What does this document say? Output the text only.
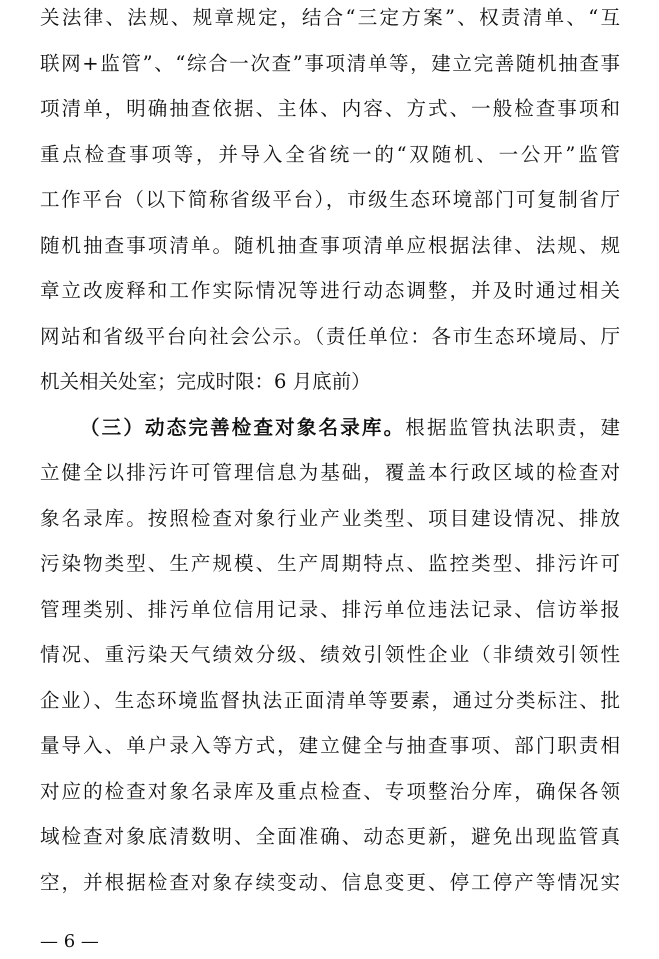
关法律、法规、规章规定，结合“三定方案”、权责清单、“互
联网+监管”、“综合一次查”事项清单等，建立完善随机抽查事
项清单，明确抽查依据、主体、内容、方式、一般检查事项和
重点检查事项等，并导入全省统一的“双随机、一公开”监管
工作平台（以下简称省级平台），市级生态环境部门可复制省厅
随机抽查事项清单。随机抽查事项清单应根据法律、法规、规
章立改废释和工作实际情况等进行动态调整，并及时通过相关
网站和省级平台向社会公示。（责任单位：各市生态环境局、厅
机关相关处室；完成时限：6 月底前）
（三）动态完善检查对象名录库。根据监管执法职责，建
立健全以排污许可管理信息为基础，覆盖本行政区域的检查对
象名录库。按照检查对象行业产业类型、项目建设情况、排放
污染物类型、生产规模、生产周期特点、监控类型、排污许可
管理类别、排污单位信用记录、排污单位违法记录、信访举报
情况、重污染天气绩效分级、绩效引领性企业（非绩效引领性
企业）、生态环境监督执法正面清单等要素，通过分类标注、批
量导入、单户录入等方式，建立健全与抽查事项、部门职责相
对应的检查对象名录库及重点检查、专项整治分库，确保各领
域检查对象底清数明、全面准确、动态更新，避免出现监管真
— 6 —
空，并根据检查对象存续变动、信息变更、停工停产等情况实
